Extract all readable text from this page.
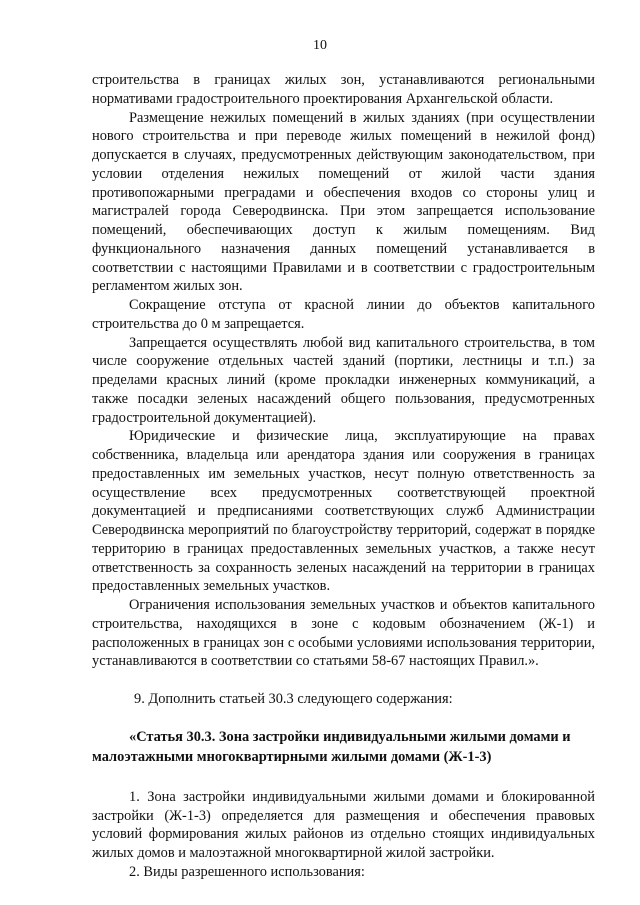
10

строительства в границах жилых зон, устанавливаются региональными нормативами градостроительного проектирования Архангельской области.

Размещение нежилых помещений в жилых зданиях (при осуществлении нового строительства и при переводе жилых помещений в нежилой фонд) допускается в случаях, предусмотренных действующим законодательством, при условии отделения нежилых помещений от жилой части здания противопожарными преградами и обеспечения входов со стороны улиц и магистралей города Северодвинска. При этом запрещается использование помещений, обеспечивающих доступ к жилым помещениям. Вид функционального назначения данных помещений устанавливается в соответствии с настоящими Правилами и в соответствии с градостроительным регламентом жилых зон.

Сокращение отступа от красной линии до объектов капитального строительства до 0 м запрещается.

Запрещается осуществлять любой вид капитального строительства, в том числе сооружение отдельных частей зданий (портики, лестницы и т.п.) за пределами красных линий (кроме прокладки инженерных коммуникаций, а также посадки зеленых насаждений общего пользования, предусмотренных градостроительной документацией).

Юридические и физические лица, эксплуатирующие на правах собственника, владельца или арендатора здания или сооружения в границах предоставленных им земельных участков, несут полную ответственность за осуществление всех предусмотренных соответствующей проектной документацией и предписаниями соответствующих служб Администрации Северодвинска мероприятий по благоустройству территорий, содержат в порядке территорию в границах предоставленных земельных участков, а также несут ответственность за сохранность зеленых насаждений на территории в границах предоставленных земельных участков.

Ограничения использования земельных участков и объектов капитального строительства, находящихся в зоне с кодовым обозначением (Ж-1) и расположенных в границах зон с особыми условиями использования территории, устанавливаются в соответствии со статьями 58-67 настоящих Правил.».

9. Дополнить статьей 30.3 следующего содержания:

«Статья 30.3. Зона застройки индивидуальными жилыми домами и малоэтажными многоквартирными жилыми домами (Ж-1-3)

1. Зона застройки индивидуальными жилыми домами и блокированной застройки (Ж-1-3) определяется для размещения и обеспечения правовых условий формирования жилых районов из отдельно стоящих индивидуальных жилых домов и малоэтажной многоквартирной жилой застройки.

2. Виды разрешенного использования:
